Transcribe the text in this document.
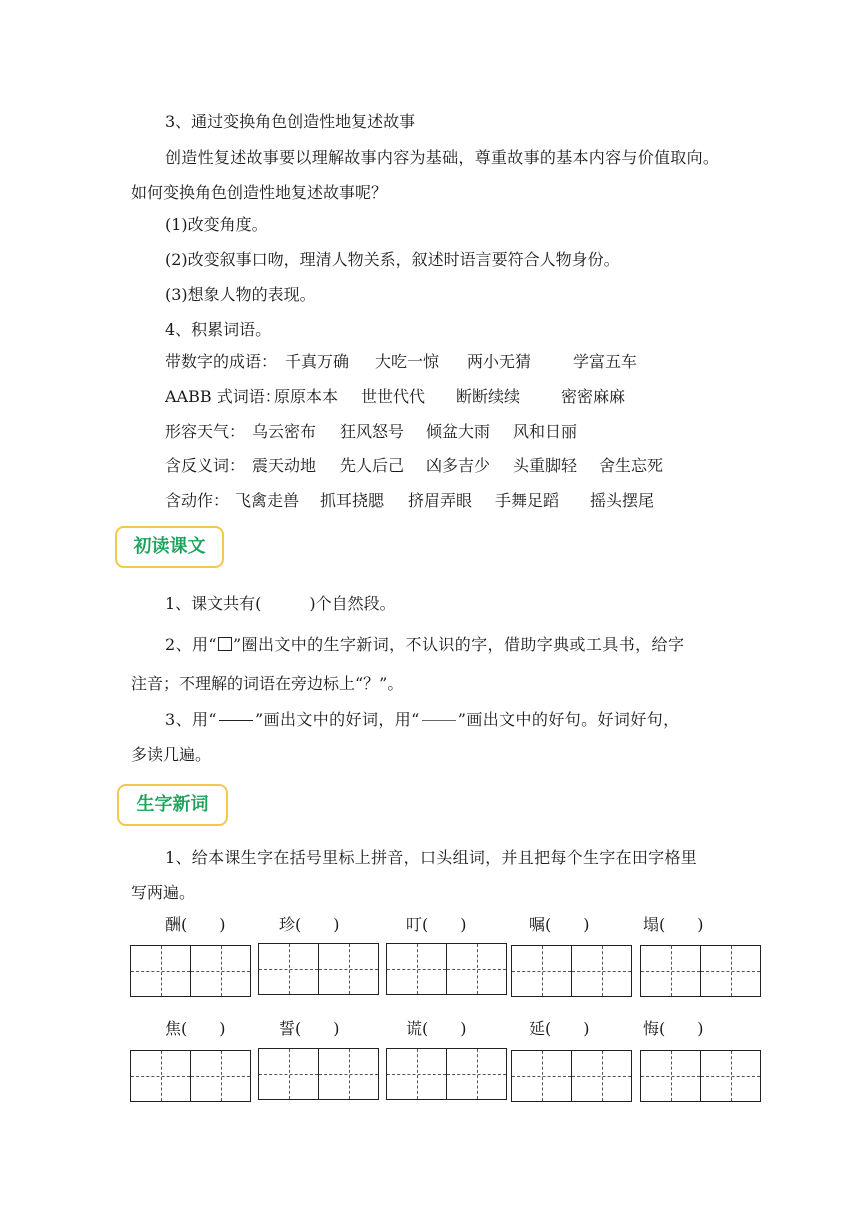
3、通过变换角色创造性地复述故事
创造性复述故事要以理解故事内容为基础，尊重故事的基本内容与价值取向。
如何变换角色创造性地复述故事呢？
(1)改变角度。
(2)改变叙事口吻，理清人物关系，叙述时语言要符合人物身份。
(3)想象人物的表现。
4、积累词语。
带数字的成语： 千真万确 大吃一惊 两小无猜	学富五车
AABB 式词语：
原原本本 世世代代 断断续续	密密麻麻
形容天气： 乌云密布 狂风怒号 倾盆大雨 风和日丽
含反义词： 震天动地 先人后己 凶多吉少 头重脚轻 舍生忘死
含动作： 飞禽走兽 抓耳挠腮 挤眉弄眼 手舞足蹈 摇头摆尾
初读课文
1、课文共有(　　　)个自然段。
2、用“○”圈出文中的生字新词，不认识的字，借助字典或工具书，给字
注音；不理解的词语在旁边标上“？”。
3、用“ ”画出文中的好词，用“ ”画出文中的好句。好词好句，
多读几遍。
生字新词
1、给本课生字在括号里标上拼音，口头组词，并且把每个生字在田字格里
写两遍。
酬(　　)	珍(　　)	叮(　　)	嘱(　　)	塌(　　)
焦(　　)	誓(　　)	谎(　　)	延(　　)	悔(　　)
